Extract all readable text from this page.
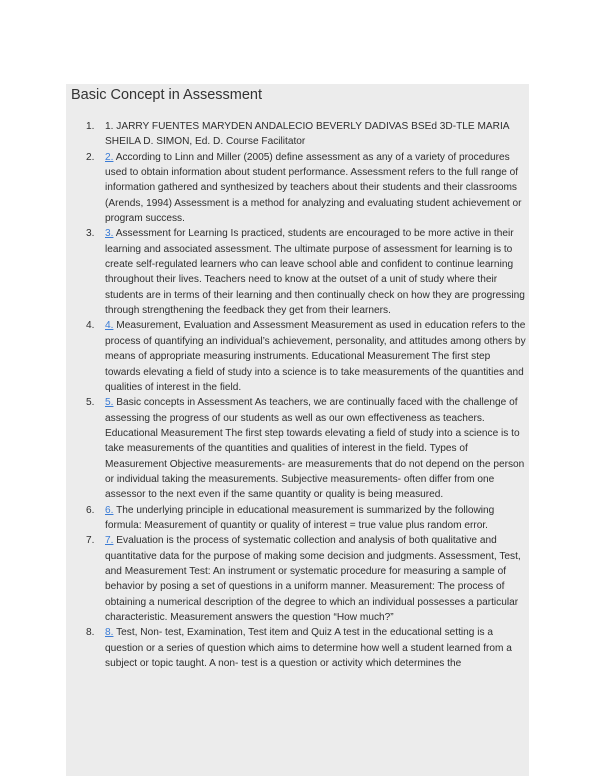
Basic Concept in Assessment
1. 1. JARRY FUENTES MARYDEN ANDALECIO BEVERLY DADIVAS BSEd 3D-TLE MARIA SHEILA D. SIMON, Ed. D. Course Facilitator
2. 2. According to Linn and Miller (2005) define assessment as any of a variety of procedures used to obtain information about student performance. Assessment refers to the full range of information gathered and synthesized by teachers about their students and their classrooms (Arends, 1994) Assessment is a method for analyzing and evaluating student achievement or program success.
3. 3. Assessment for Learning Is practiced, students are encouraged to be more active in their learning and associated assessment. The ultimate purpose of assessment for learning is to create self-regulated learners who can leave school able and confident to continue learning throughout their lives. Teachers need to know at the outset of a unit of study where their students are in terms of their learning and then continually check on how they are progressing through strengthening the feedback they get from their learners.
4. 4. Measurement, Evaluation and Assessment Measurement as used in education refers to the process of quantifying an individual’s achievement, personality, and attitudes among others by means of appropriate measuring instruments. Educational Measurement The first step towards elevating a field of study into a science is to take measurements of the quantities and qualities of interest in the field.
5. 5. Basic concepts in Assessment As teachers, we are continually faced with the challenge of assessing the progress of our students as well as our own effectiveness as teachers. Educational Measurement The first step towards elevating a field of study into a science is to take measurements of the quantities and qualities of interest in the field. Types of Measurement Objective measurements- are measurements that do not depend on the person or individual taking the measurements. Subjective measurements- often differ from one assessor to the next even if the same quantity or quality is being measured.
6. 6. The underlying principle in educational measurement is summarized by the following formula: Measurement of quantity or quality of interest = true value plus random error.
7. 7. Evaluation is the process of systematic collection and analysis of both qualitative and quantitative data for the purpose of making some decision and judgments. Assessment, Test, and Measurement Test: An instrument or systematic procedure for measuring a sample of behavior by posing a set of questions in a uniform manner. Measurement: The process of obtaining a numerical description of the degree to which an individual possesses a particular characteristic. Measurement answers the question “How much?”
8. 8. Test, Non- test, Examination, Test item and Quiz A test in the educational setting is a question or a series of question which aims to determine how well a student learned from a subject or topic taught. A non- test is a question or activity which determines the
